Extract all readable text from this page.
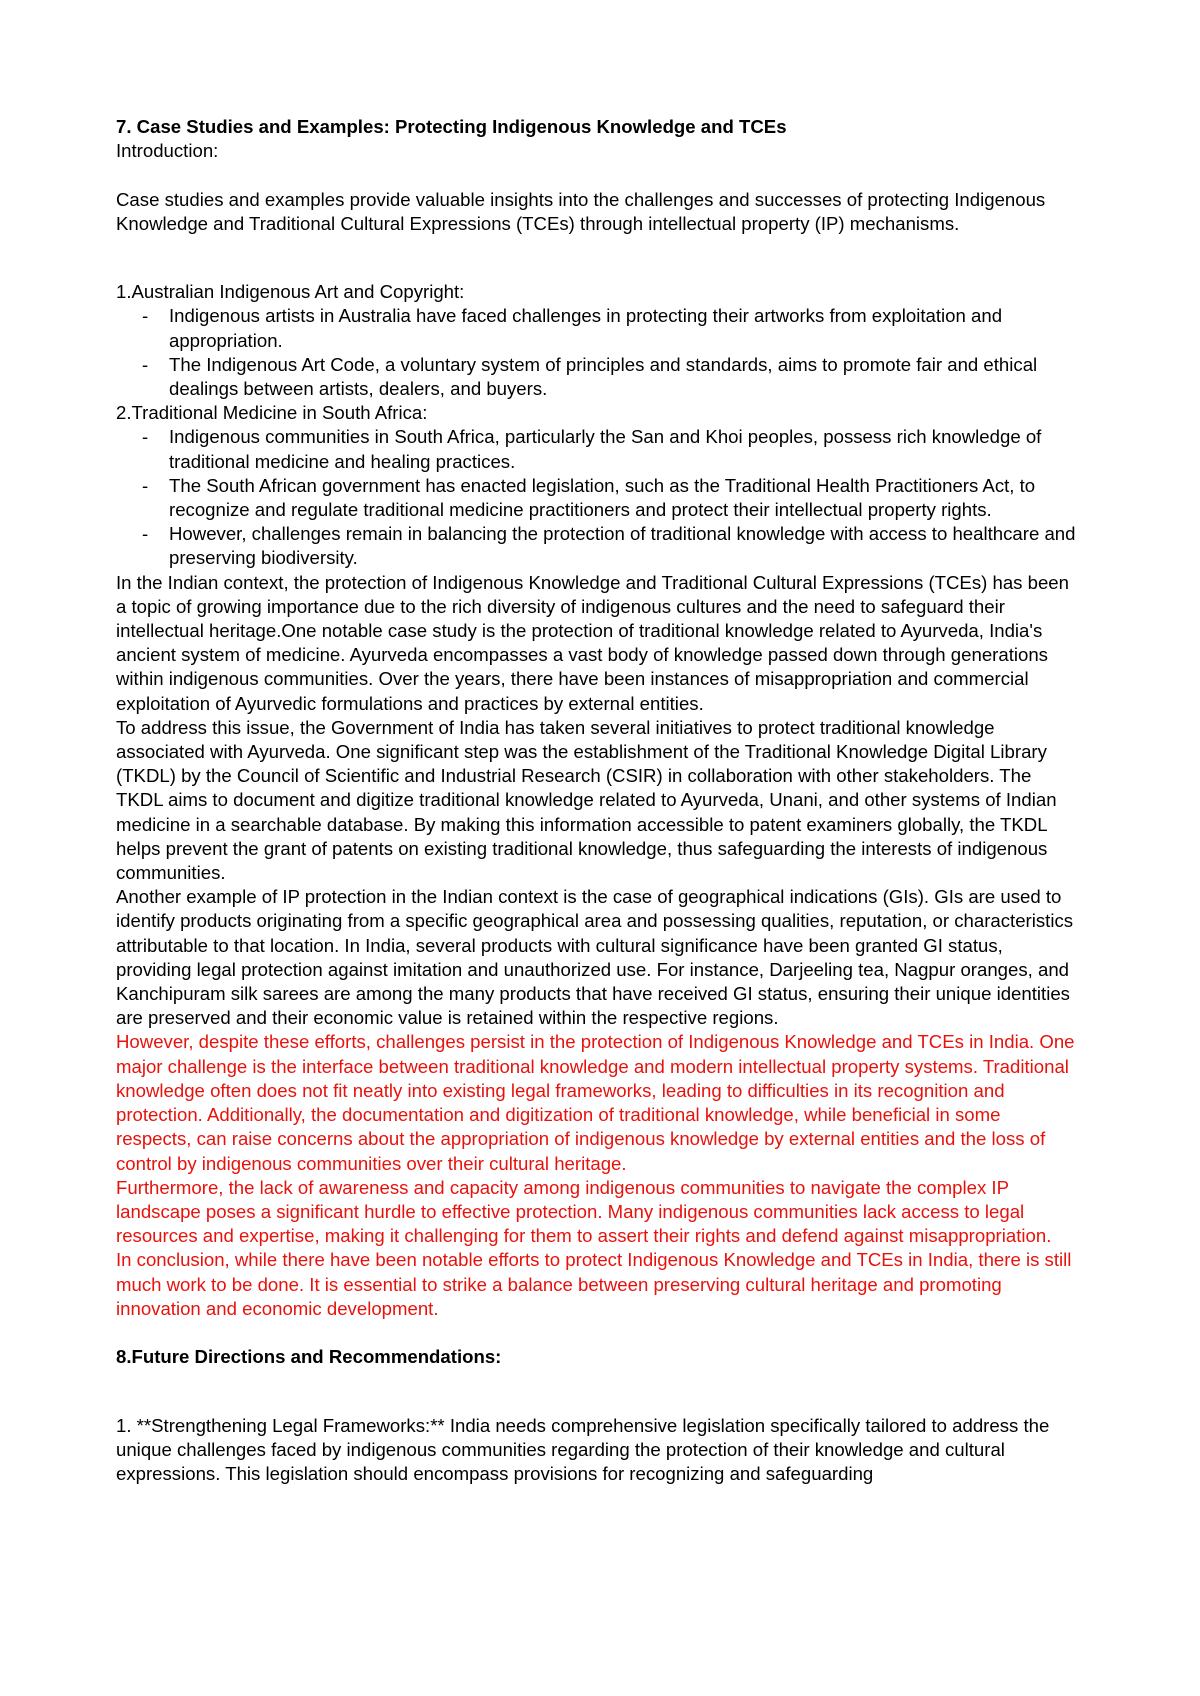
7. Case Studies and Examples: Protecting Indigenous Knowledge and TCEs

Introduction:

Case studies and examples provide valuable insights into the challenges and successes of protecting Indigenous Knowledge and Traditional Cultural Expressions (TCEs) through intellectual property (IP) mechanisms.

1.Australian Indigenous Art and Copyright:

- Indigenous artists in Australia have faced challenges in protecting their artworks from exploitation and appropriation.
- The Indigenous Art Code, a voluntary system of principles and standards, aims to promote fair and ethical dealings between artists, dealers, and buyers.

2.Traditional Medicine in South Africa:

- Indigenous communities in South Africa, particularly the San and Khoi peoples, possess rich knowledge of traditional medicine and healing practices.
- The South African government has enacted legislation, such as the Traditional Health Practitioners Act, to recognize and regulate traditional medicine practitioners and protect their intellectual property rights.
- However, challenges remain in balancing the protection of traditional knowledge with access to healthcare and preserving biodiversity.

In the Indian context, the protection of Indigenous Knowledge and Traditional Cultural Expressions (TCEs) has been a topic of growing importance due to the rich diversity of indigenous cultures and the need to safeguard their intellectual heritage.One notable case study is the protection of traditional knowledge related to Ayurveda, India's ancient system of medicine. Ayurveda encompasses a vast body of knowledge passed down through generations within indigenous communities. Over the years, there have been instances of misappropriation and commercial exploitation of Ayurvedic formulations and practices by external entities.

To address this issue, the Government of India has taken several initiatives to protect traditional knowledge associated with Ayurveda. One significant step was the establishment of the Traditional Knowledge Digital Library (TKDL) by the Council of Scientific and Industrial Research (CSIR) in collaboration with other stakeholders. The TKDL aims to document and digitize traditional knowledge related to Ayurveda, Unani, and other systems of Indian medicine in a searchable database. By making this information accessible to patent examiners globally, the TKDL helps prevent the grant of patents on existing traditional knowledge, thus safeguarding the interests of indigenous communities.

Another example of IP protection in the Indian context is the case of geographical indications (GIs). GIs are used to identify products originating from a specific geographical area and possessing qualities, reputation, or characteristics attributable to that location. In India, several products with cultural significance have been granted GI status, providing legal protection against imitation and unauthorized use. For instance, Darjeeling tea, Nagpur oranges, and Kanchipuram silk sarees are among the many products that have received GI status, ensuring their unique identities are preserved and their economic value is retained within the respective regions.

However, despite these efforts, challenges persist in the protection of Indigenous Knowledge and TCEs in India. One major challenge is the interface between traditional knowledge and modern intellectual property systems. Traditional knowledge often does not fit neatly into existing legal frameworks, leading to difficulties in its recognition and protection. Additionally, the documentation and digitization of traditional knowledge, while beneficial in some respects, can raise concerns about the appropriation of indigenous knowledge by external entities and the loss of control by indigenous communities over their cultural heritage.

Furthermore, the lack of awareness and capacity among indigenous communities to navigate the complex IP landscape poses a significant hurdle to effective protection. Many indigenous communities lack access to legal resources and expertise, making it challenging for them to assert their rights and defend against misappropriation.

In conclusion, while there have been notable efforts to protect Indigenous Knowledge and TCEs in India, there is still much work to be done. It is essential to strike a balance between preserving cultural heritage and promoting innovation and economic development.

8.Future Directions and Recommendations:

1. **Strengthening Legal Frameworks:** India needs comprehensive legislation specifically tailored to address the unique challenges faced by indigenous communities regarding the protection of their knowledge and cultural expressions. This legislation should encompass provisions for recognizing and safeguarding
